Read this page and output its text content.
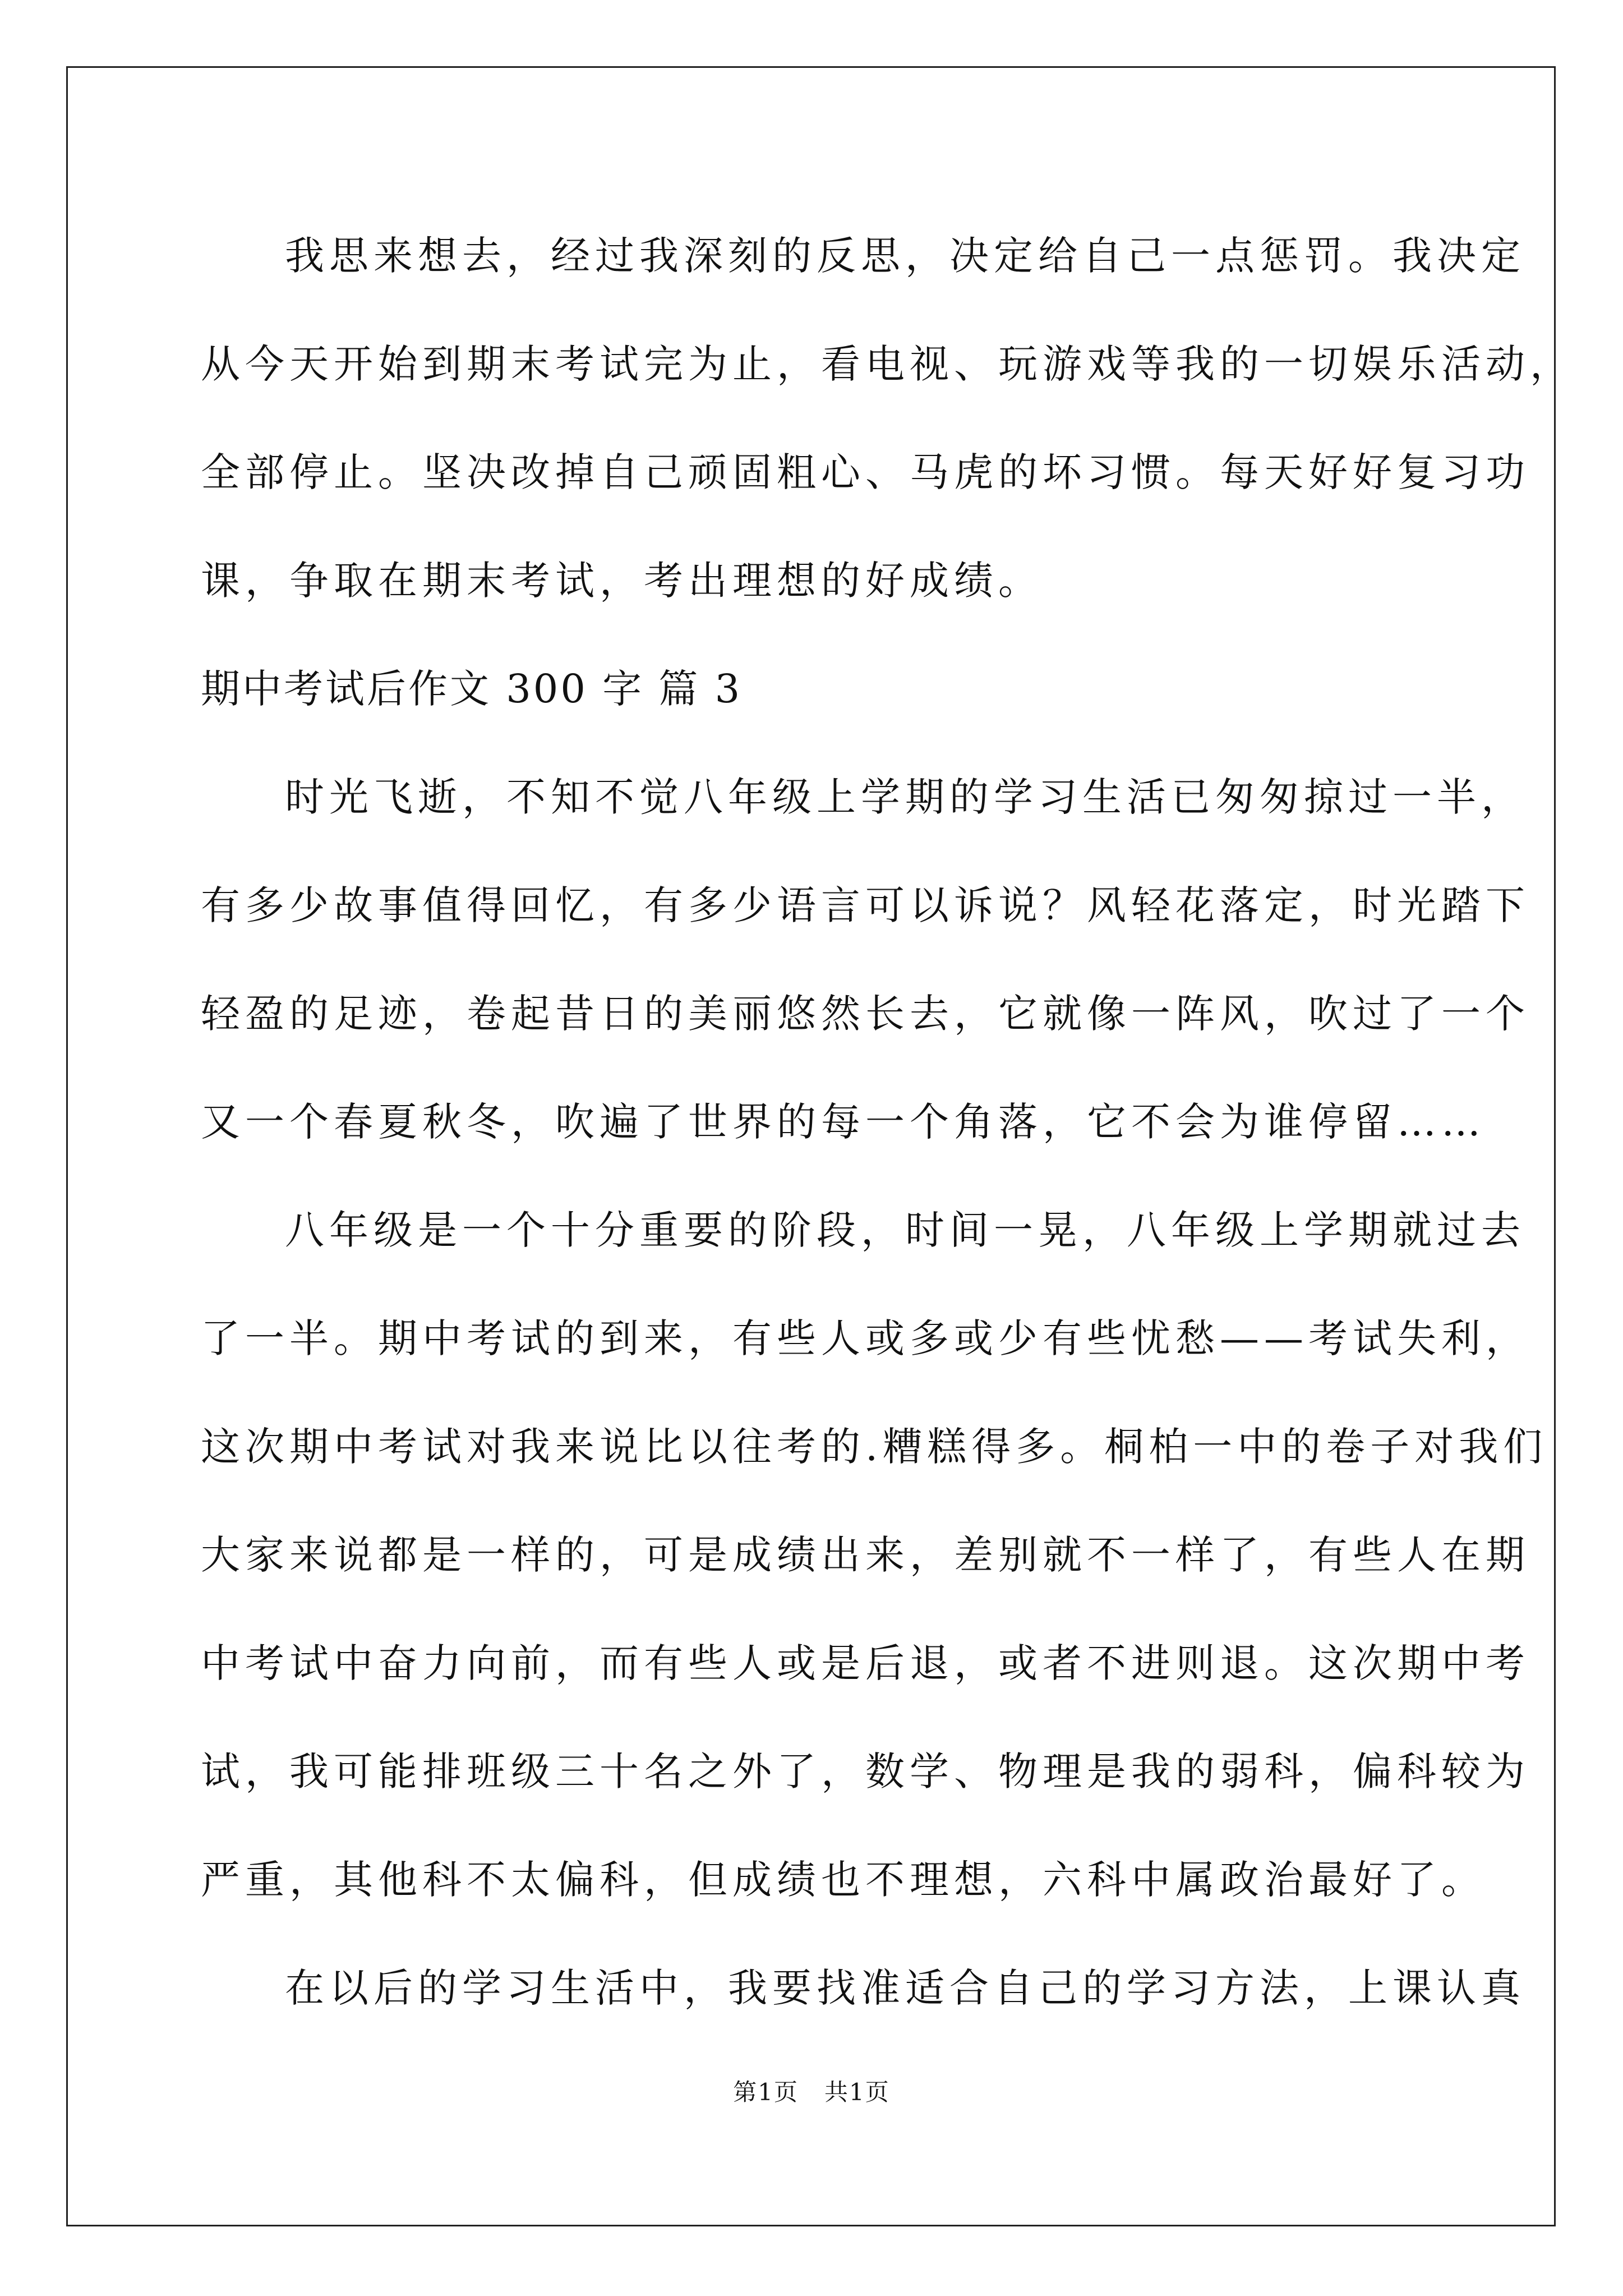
我思来想去，经过我深刻的反思，决定给自己一点惩罚。我决定
从今天开始到期末考试完为止，看电视、玩游戏等我的一切娱乐活动，
全部停止。坚决改掉自己顽固粗心、马虎的坏习惯。每天好好复习功
课，争取在期末考试，考出理想的好成绩。
期中考试后作文 300 字 篇 3
时光飞逝，不知不觉八年级上学期的学习生活已匆匆掠过一半，
有多少故事值得回忆，有多少语言可以诉说？风轻花落定，时光踏下
轻盈的足迹，卷起昔日的美丽悠然长去，它就像一阵风，吹过了一个
又一个春夏秋冬，吹遍了世界的每一个角落，它不会为谁停留……
八年级是一个十分重要的阶段，时间一晃，八年级上学期就过去
了一半。期中考试的到来，有些人或多或少有些忧愁——考试失利，
这次期中考试对我来说比以往考的.糟糕得多。桐柏一中的卷子对我们
大家来说都是一样的，可是成绩出来，差别就不一样了，有些人在期
中考试中奋力向前，而有些人或是后退，或者不进则退。这次期中考
试，我可能排班级三十名之外了，数学、物理是我的弱科，偏科较为
严重，其他科不太偏科，但成绩也不理想，六科中属政治最好了。
在以后的学习生活中，我要找准适合自己的学习方法，上课认真
第1页   共1页
